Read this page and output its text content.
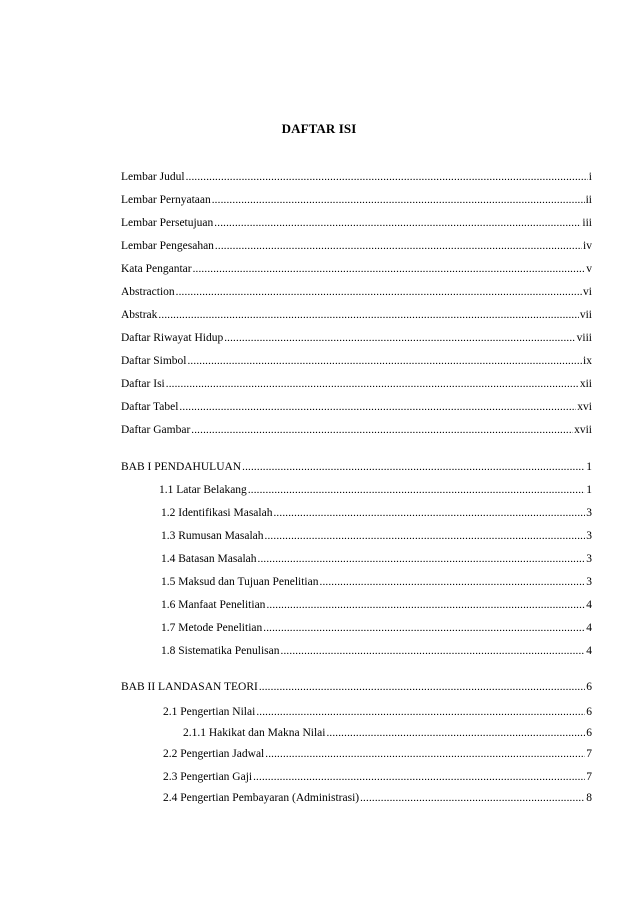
DAFTAR ISI
Lembar Judul .....	i
Lembar Pernyataan .....	ii
Lembar Persetujuan .....	iii
Lembar Pengesahan .....	iv
Kata Pengantar .....	v
Abstraction .....	vi
Abstrak .....	vii
Daftar Riwayat Hidup .....	viii
Daftar Simbol .....	ix
Daftar Isi .....	xii
Daftar Tabel .....	xvi
Daftar Gambar .....	xvii
BAB I PENDAHULUAN .....	1
1.1 Latar Belakang .....	1
1.2 Identifikasi Masalah .....	3
1.3 Rumusan Masalah .....	3
1.4 Batasan Masalah .....	3
1.5 Maksud dan Tujuan Penelitian .....	3
1.6 Manfaat Penelitian .....	4
1.7 Metode Penelitian .....	4
1.8 Sistematika Penulisan .....	4
BAB II LANDASAN TEORI .....	6
2.1 Pengertian Nilai .....	6
2.1.1 Hakikat dan Makna Nilai .....	6
2.2 Pengertian Jadwal .....	7
2.3 Pengertian Gaji .....	7
2.4 Pengertian Pembayaran (Administrasi) .....	8
